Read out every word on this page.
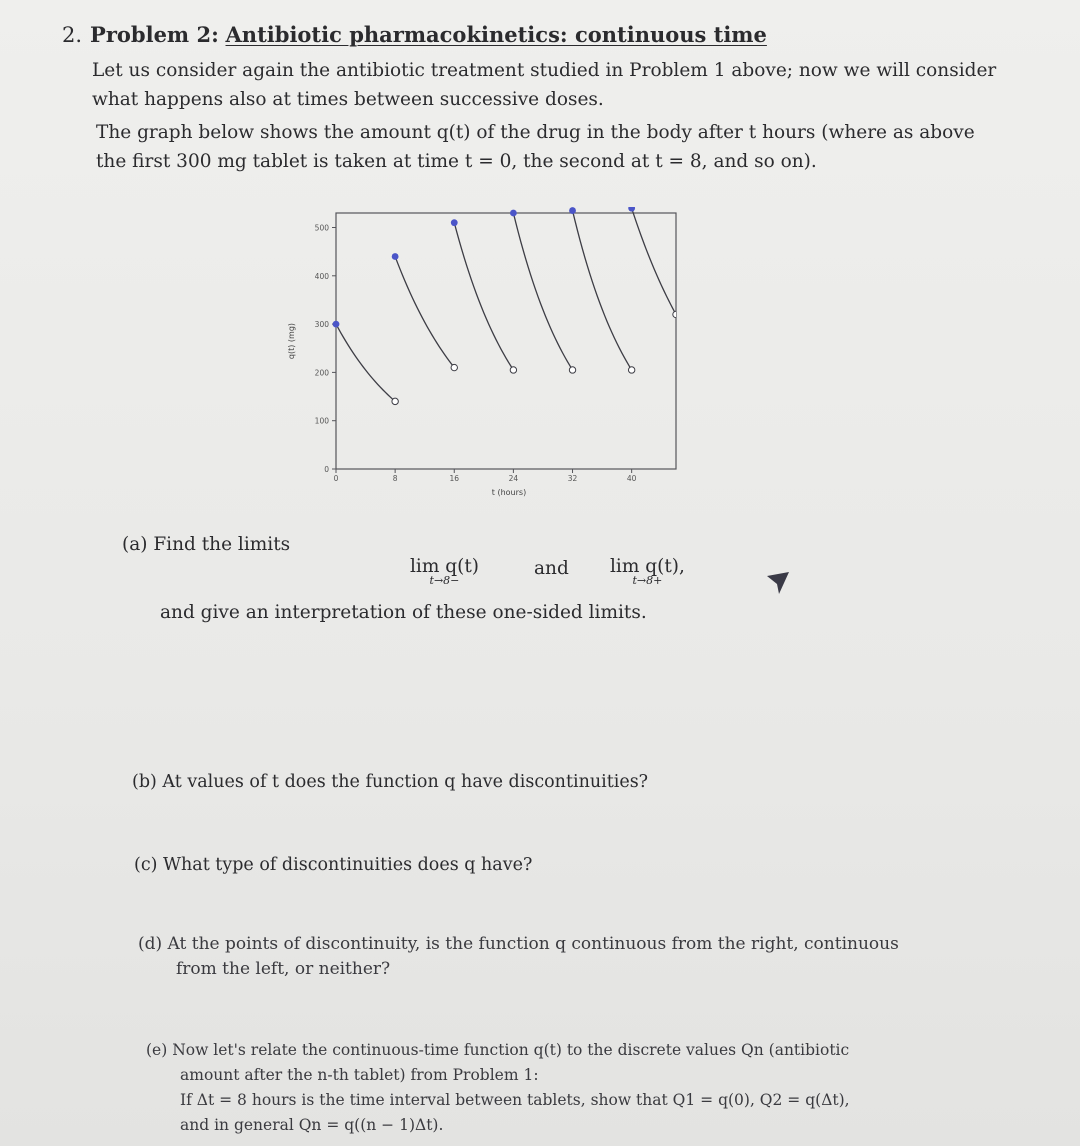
2. Problem 2: Antibiotic pharmacokinetics: continuous time
Let us consider again the antibiotic treatment studied in Problem 1 above; now we will consider
what happens also at times between successive doses.
The graph below shows the amount q(t) of the drug in the body after t hours (where as above
the first 300 mg tablet is taken at time t = 0, the second at t = 8, and so on).
0
100
200
300
400
500
0	8	16	24	32	40
t (hours)
q(t) (mg)
(a) Find the limits
lim q(t)
t→8−
and lim q(t),
t→8+
and give an interpretation of these one-sided limits.
(b) At values of t does the function q have discontinuities?
(c) What type of discontinuities does q have?
(d) At the points of discontinuity, is the function q continuous from the right, continuous
from the left, or neither?
(e) Now let's relate the continuous-time function q(t) to the discrete values Qn (antibiotic
amount after the n-th tablet) from Problem 1:
If Δt = 8 hours is the time interval between tablets, show that Q1 = q(0), Q2 = q(Δt),
and in general Qn = q((n − 1)Δt).
